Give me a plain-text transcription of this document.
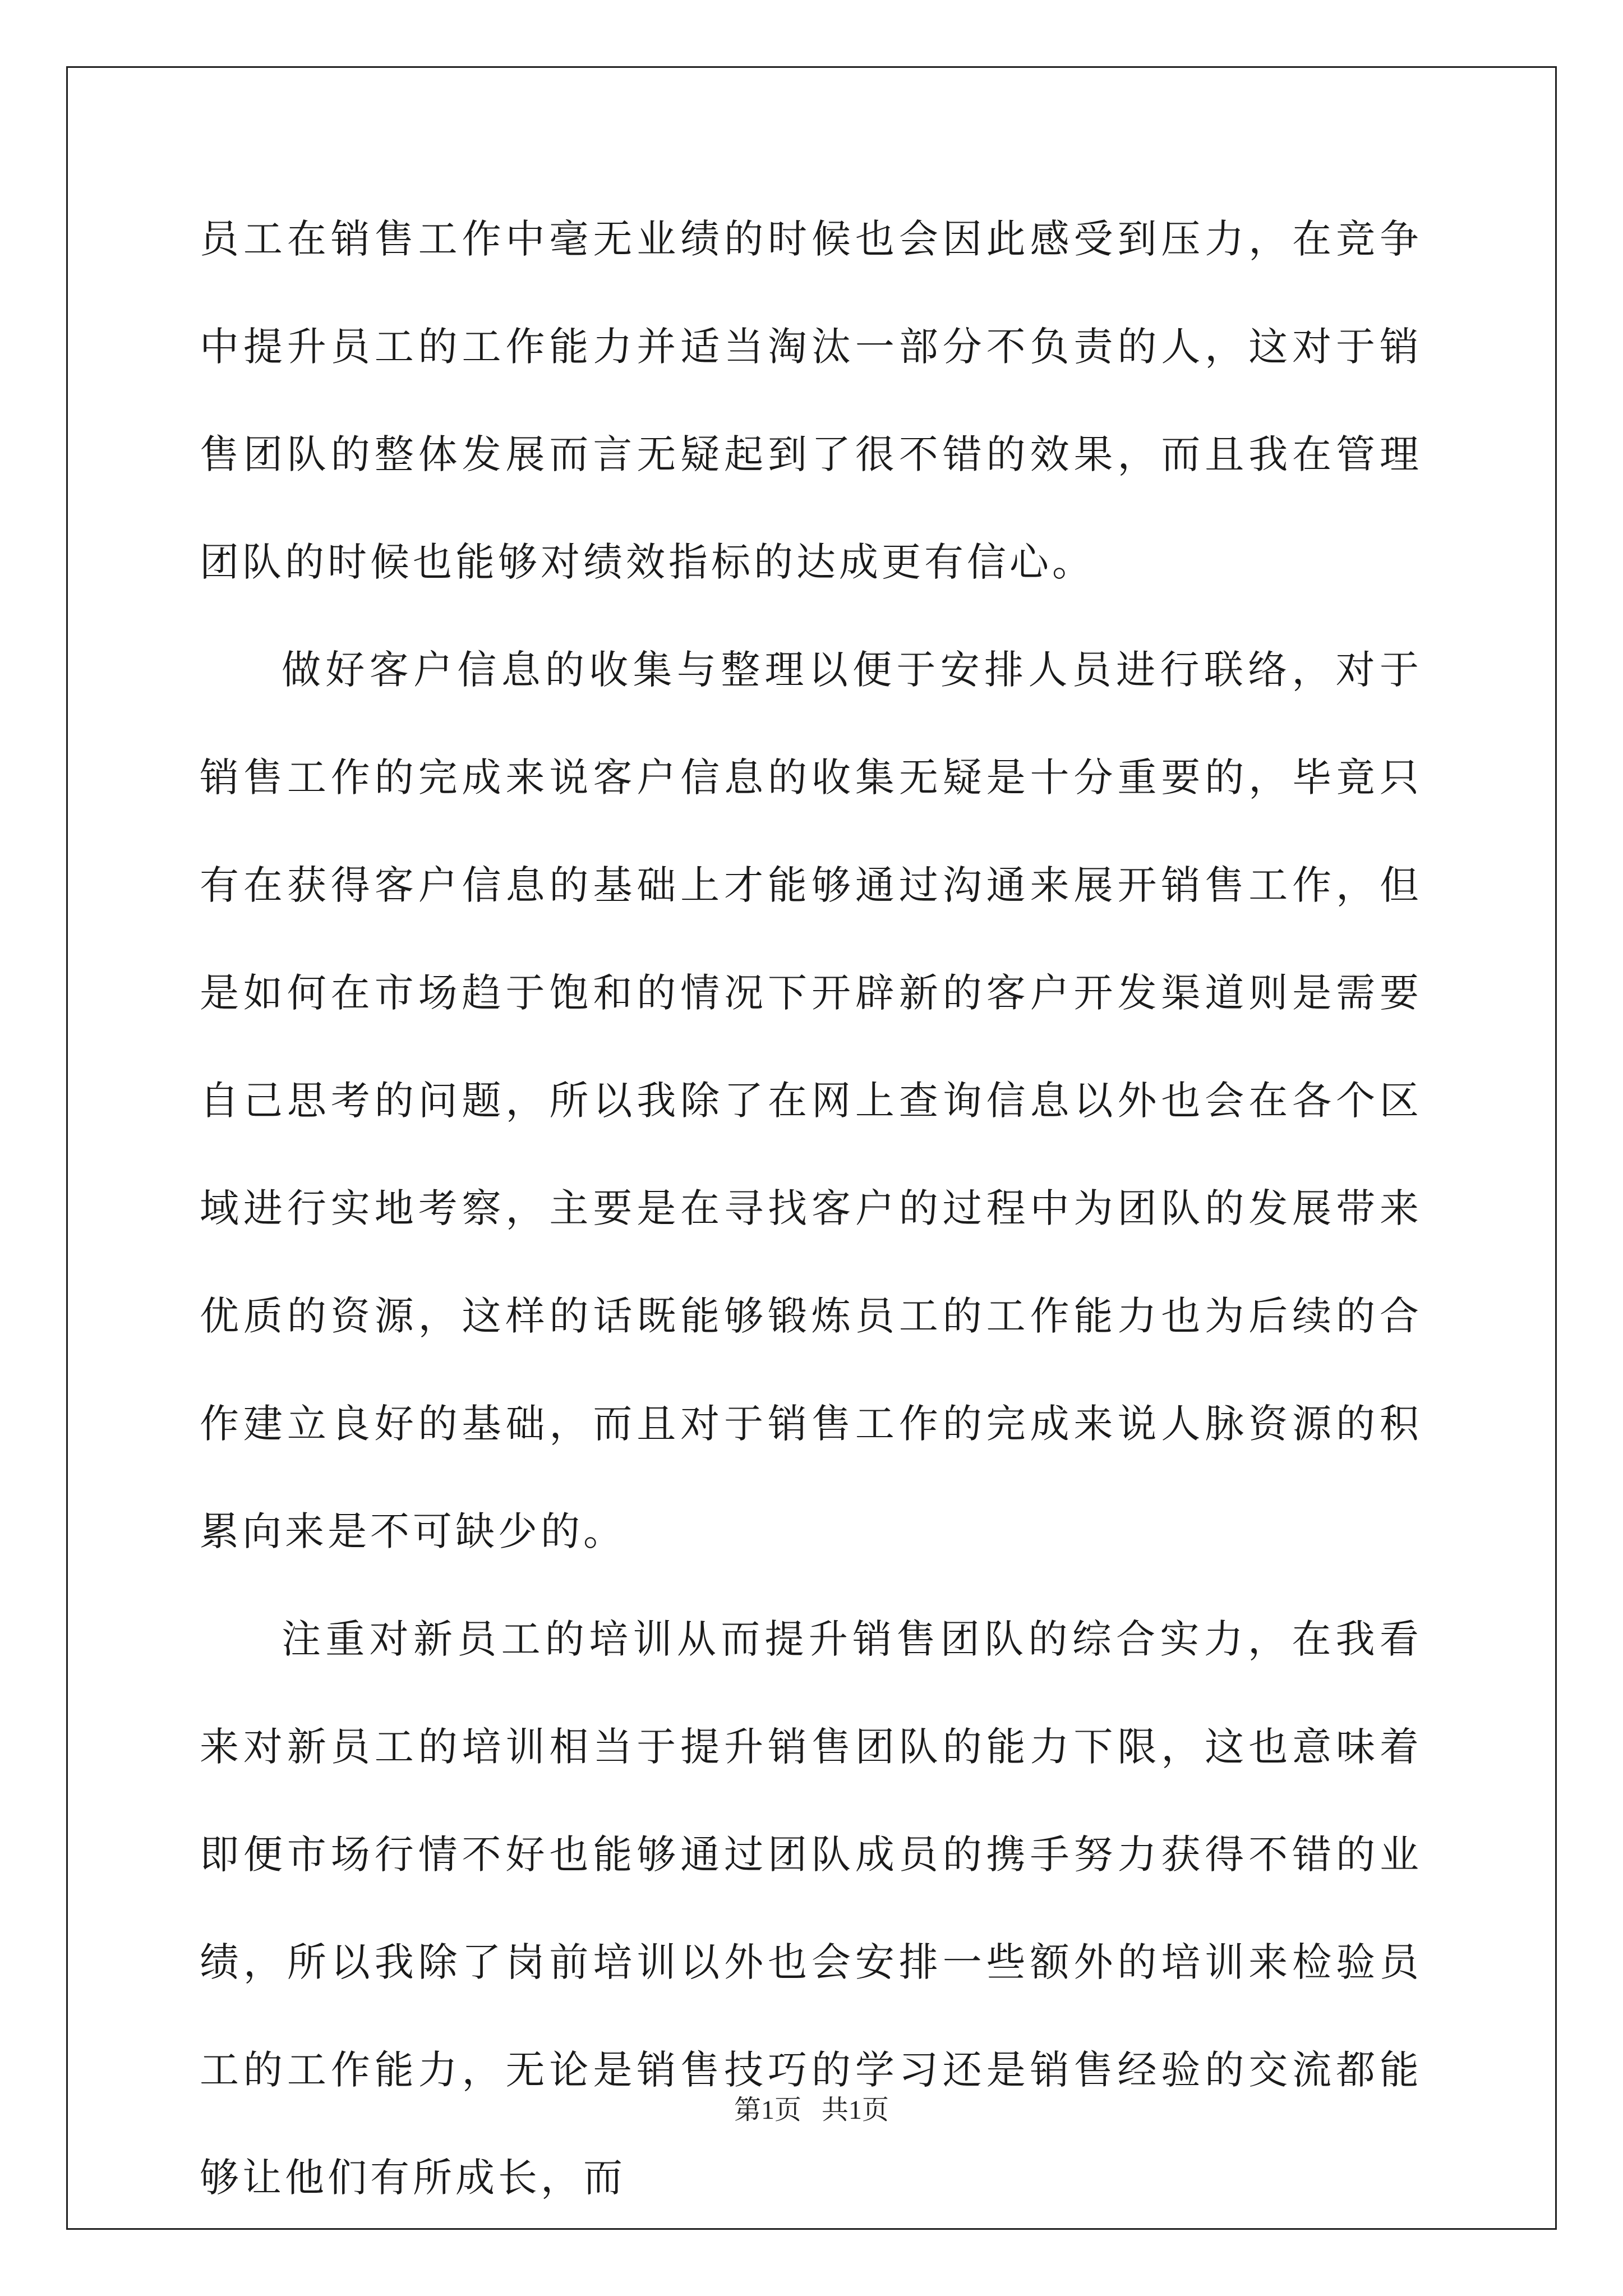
员工在销售工作中毫无业绩的时候也会因此感受到压力，在竞争中提升员工的工作能力并适当淘汰一部分不负责的人，这对于销售团队的整体发展而言无疑起到了很不错的效果，而且我在管理团队的时候也能够对绩效指标的达成更有信心。

做好客户信息的收集与整理以便于安排人员进行联络，对于销售工作的完成来说客户信息的收集无疑是十分重要的，毕竟只有在获得客户信息的基础上才能够通过沟通来展开销售工作，但是如何在市场趋于饱和的情况下开辟新的客户开发渠道则是需要自己思考的问题，所以我除了在网上查询信息以外也会在各个区域进行实地考察，主要是在寻找客户的过程中为团队的发展带来优质的资源，这样的话既能够锻炼员工的工作能力也为后续的合作建立良好的基础，而且对于销售工作的完成来说人脉资源的积累向来是不可缺少的。

注重对新员工的培训从而提升销售团队的综合实力，在我看来对新员工的培训相当于提升销售团队的能力下限，这也意味着即便市场行情不好也能够通过团队成员的携手努力获得不错的业绩，所以我除了岗前培训以外也会安排一些额外的培训来检验员工的工作能力，无论是销售技巧的学习还是销售经验的交流都能够让他们有所成长，而

第1页   共1页
